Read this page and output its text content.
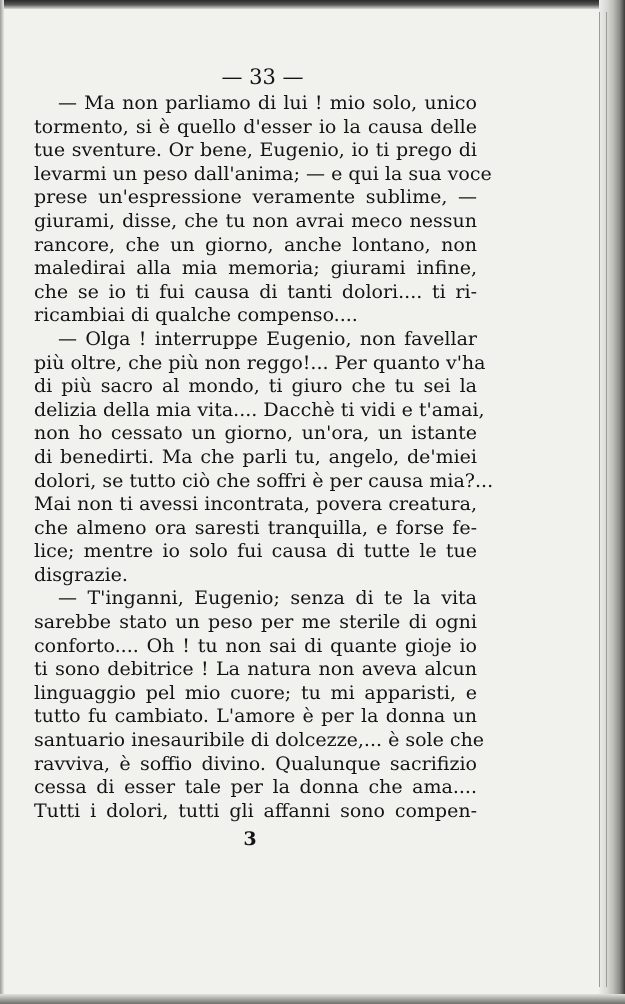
— 33 —
— Ma non parliamo di lui ! mio solo, unico
tormento, si è quello d'esser io la causa delle
tue sventure. Or bene, Eugenio, io ti prego di
levarmi un peso dall'anima; — e qui la sua voce
prese un'espressione veramente sublime, —
giurami, disse, che tu non avrai meco nessun
rancore, che un giorno, anche lontano, non
maledirai alla mia memoria; giurami infine,
che se io ti fui causa di tanti dolori.... ti ri-
ricambiai di qualche compenso....
— Olga ! interruppe Eugenio, non favellar
più oltre, che più non reggo!... Per quanto v'ha
di più sacro al mondo, ti giuro che tu sei la
delizia della mia vita.... Dacchè ti vidi e t'amai,
non ho cessato un giorno, un'ora, un istante
di benedirti. Ma che parli tu, angelo, de'miei
dolori, se tutto ciò che soffri è per causa mia?...
Mai non ti avessi incontrata, povera creatura,
che almeno ora saresti tranquilla, e forse fe-
lice; mentre io solo fui causa di tutte le tue
disgrazie.
— T'inganni, Eugenio; senza di te la vita
sarebbe stato un peso per me sterile di ogni
conforto.... Oh ! tu non sai di quante gioje io
ti sono debitrice ! La natura non aveva alcun
linguaggio pel mio cuore; tu mi apparisti, e
tutto fu cambiato. L'amore è per la donna un
santuario inesauribile di dolcezze,... è sole che
ravviva, è soffio divino. Qualunque sacrifizio
cessa di esser tale per la donna che ama....
Tutti i dolori, tutti gli affanni sono compen-
3
